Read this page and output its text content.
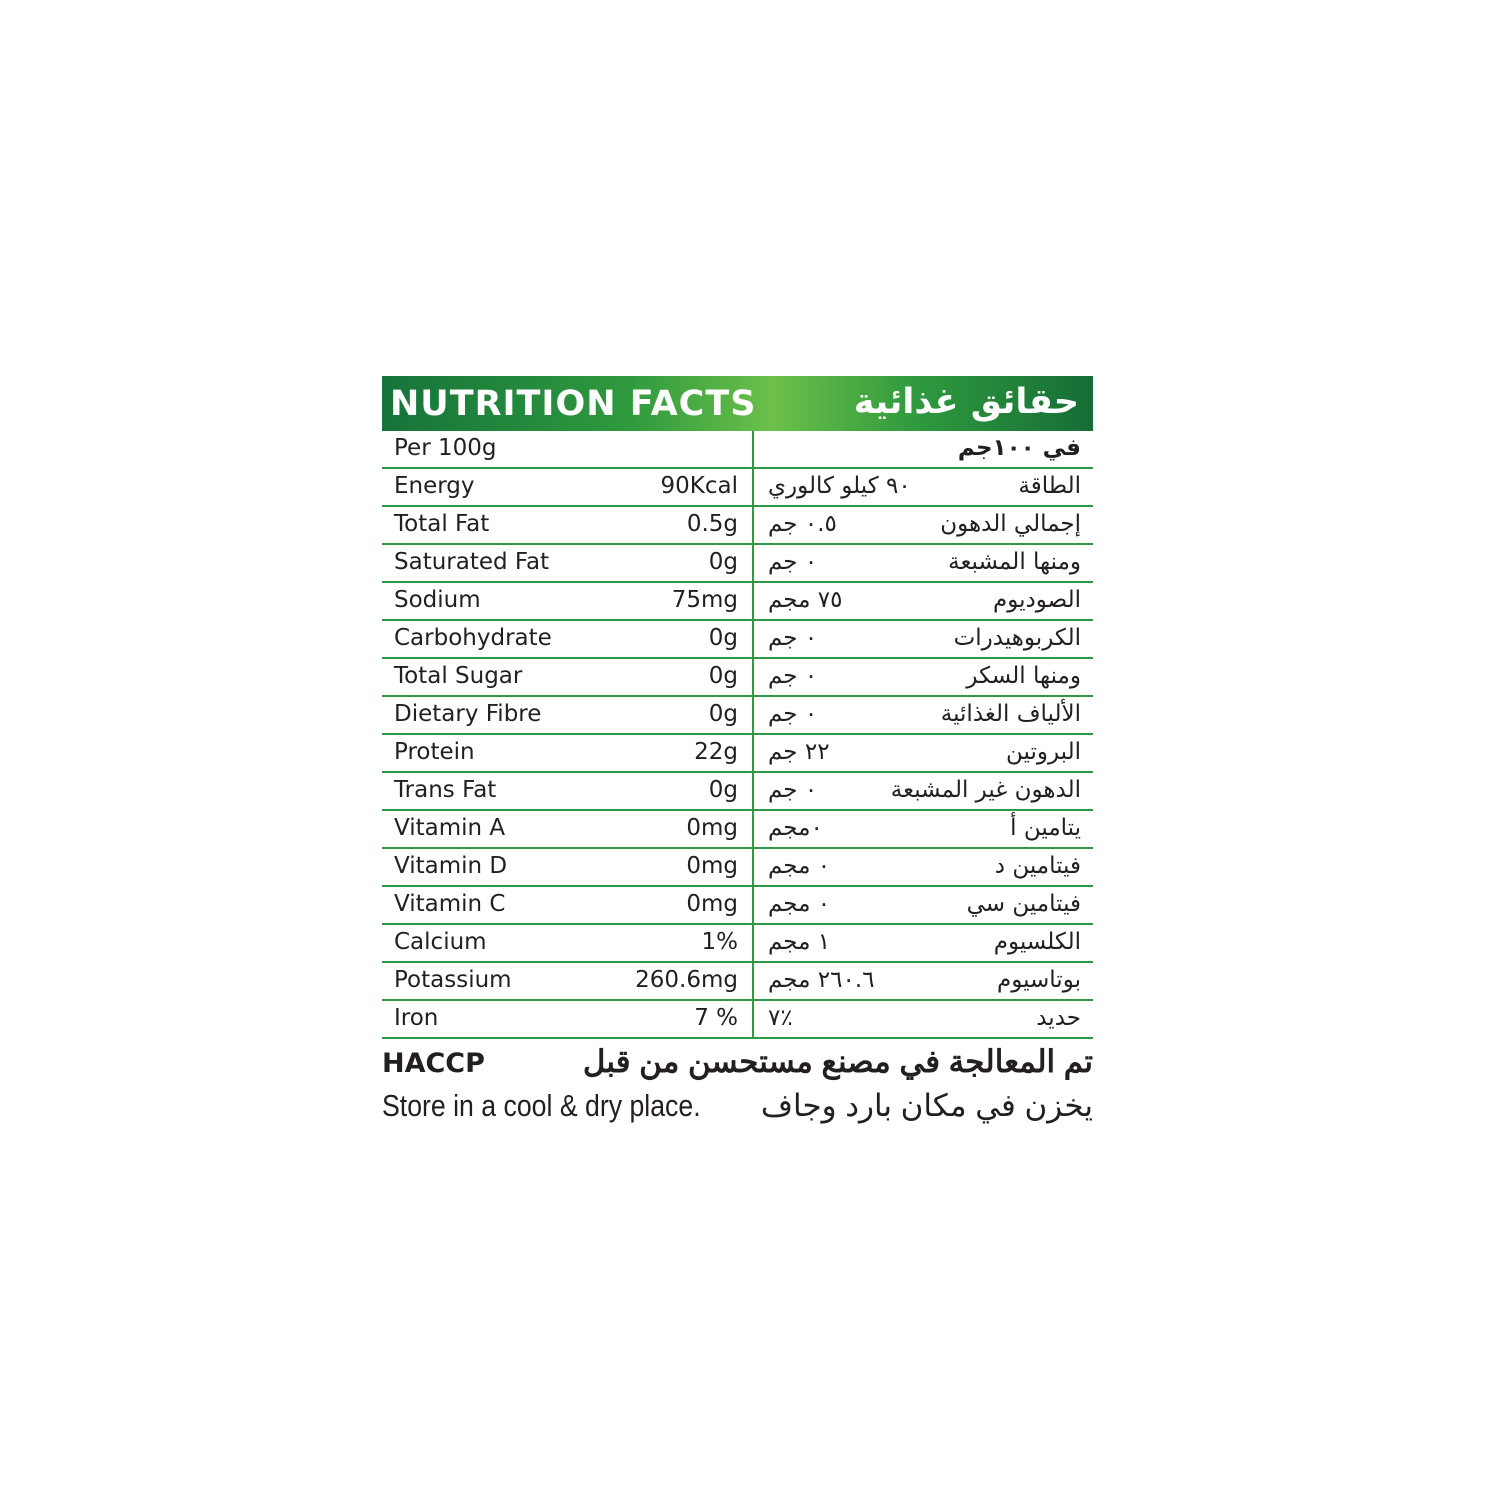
NUTRITION FACTS	حقائق غذائية
Per 100g	في ١٠٠جم
Energy	90Kcal ٩٠ كيلو كالوري	الطاقة
Total Fat	0.5g ٠.٥ جم	إجمالي الدهون
Saturated Fat	0g ٠ جم	ومنها المشبعة
Sodium	75mg ٧٥ مجم	الصوديوم
Carbohydrate	0g ٠ جم	الكربوهيدرات
Total Sugar	0g ٠ جم	ومنها السكر
Dietary Fibre	0g ٠ جم	الألياف الغذائية
Protein	22g ٢٢ جم	البروتين
Trans Fat	0g ٠ جم	الدهون غير المشبعة
Vitamin A	0mg ٠مجم	يتامين أ
Vitamin D	0mg ٠ مجم	فيتامين د
Vitamin C	0mg ٠ مجم	فيتامين سي
Calcium	1% ١ مجم	الكلسيوم
Potassium	260.6mg ٢٦٠.٦ مجم	بوتاسيوم
Iron	7 % ٪٧	حديد
HACCP	تم المعالجة في مصنع مستحسن من قبل
Store in a cool & dry place. يخزن في مكان بارد وجاف
